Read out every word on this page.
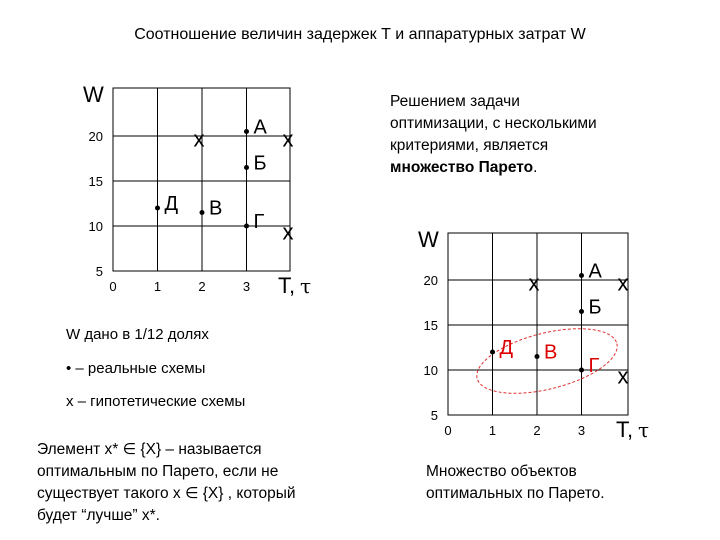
Соотношение величин задержек Т и аппаратурных затрат W
Решением задачи
оптимизации, с несколькими
критериями, является
множество Парето.
W дано в 1/12 долях
• – реальные схемы
x – гипотетические схемы
Элемент x* ∈ {X} – называется
оптимальным по Парето, если не
существует такого x ∈ {X} , который
будет “лучше” x*.
Множество объектов
оптимальных по Парето.
0	1	2	3
5
10
15
20
W
T, τ
А
Б
Д В
Г
x	x
x
0	1	2	3
5
10
15
20
W
T, τ
А
Б
Д В
Г
x	x
x
